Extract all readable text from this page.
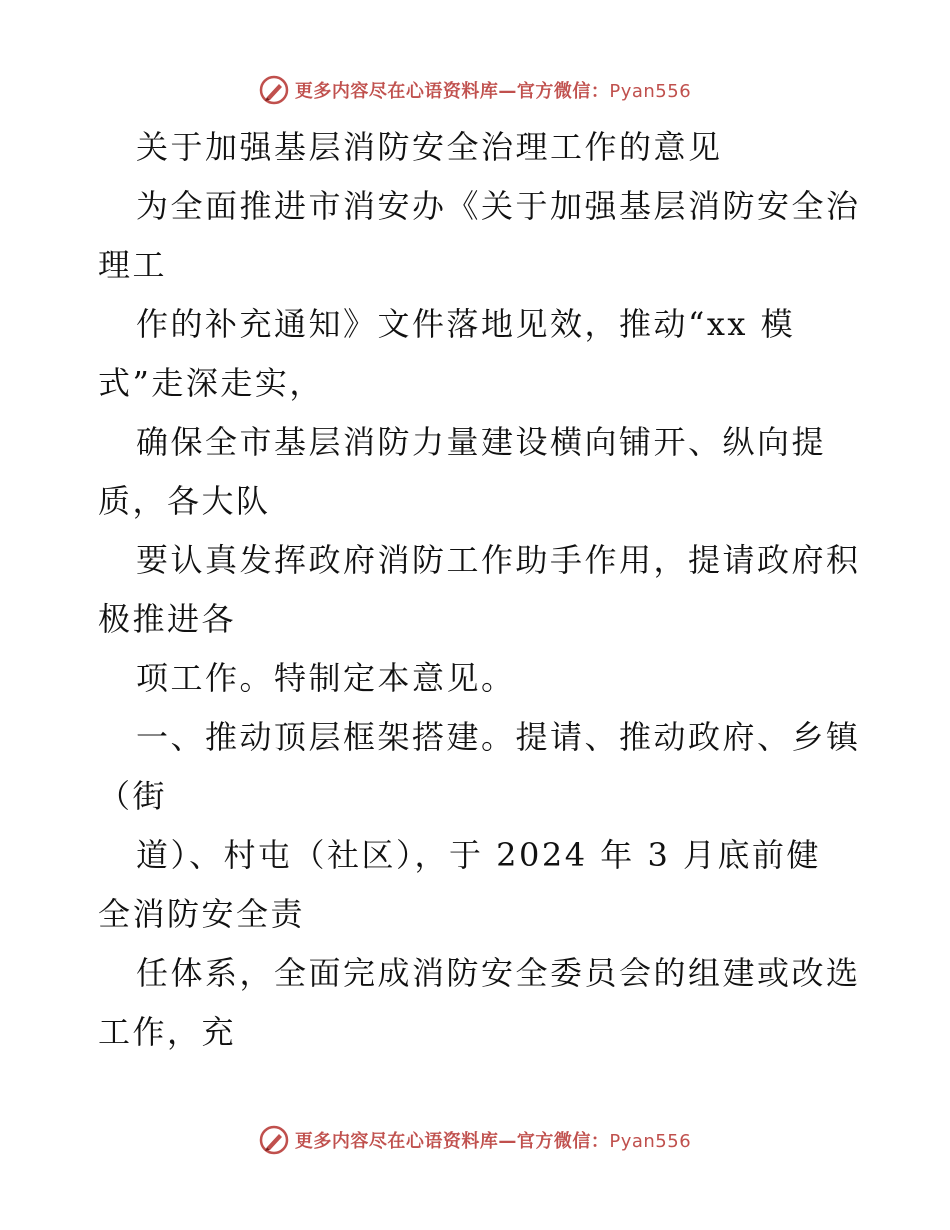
更多内容尽在心语资料库—官方微信：Pyan556
关于加强基层消防安全治理工作的意见
为全面推进市消安办《关于加强基层消防安全治
理工
作的补充通知》文件落地见效，推动“xx 模
式”走深走实，
确保全市基层消防力量建设横向铺开、纵向提
质，各大队
要认真发挥政府消防工作助手作用，提请政府积
极推进各
项工作。特制定本意见。
一、推动顶层框架搭建。提请、推动政府、乡镇
（街
道）、村屯（社区），于 2024 年 3 月底前健
全消防安全责
任体系，全面完成消防安全委员会的组建或改选
工作，充
更多内容尽在心语资料库—官方微信：Pyan556
